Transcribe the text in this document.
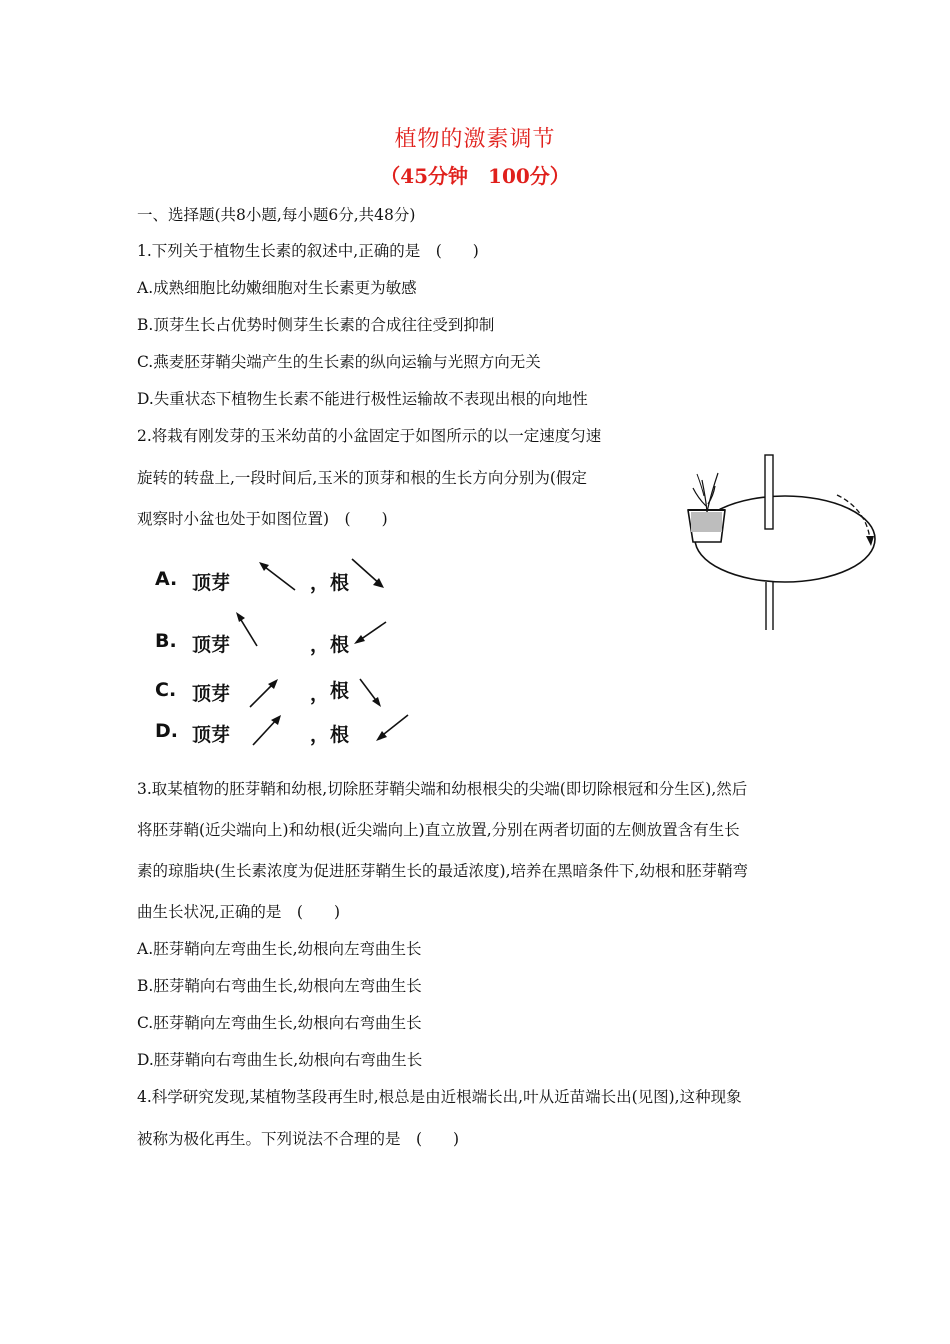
植物的激素调节
（45分钟　100分）
一、选择题(共8小题,每小题6分,共48分)
1.下列关于植物生长素的叙述中,正确的是　(　　)
A.成熟细胞比幼嫩细胞对生长素更为敏感
B.顶芽生长占优势时侧芽生长素的合成往往受到抑制
C.燕麦胚芽鞘尖端产生的生长素的纵向运输与光照方向无关
D.失重状态下植物生长素不能进行极性运输故不表现出根的向地性
2.将栽有刚发芽的玉米幼苗的小盆固定于如图所示的以一定速度匀速
旋转的转盘上,一段时间后,玉米的顶芽和根的生长方向分别为(假定
观察时小盆也处于如图位置)　(　　)
A. 顶芽	， 根
B. 顶芽	， 根
C. 顶芽	， 根
D. 顶芽	， 根
3.取某植物的胚芽鞘和幼根,切除胚芽鞘尖端和幼根根尖的尖端(即切除根冠和分生区),然后
将胚芽鞘(近尖端向上)和幼根(近尖端向上)直立放置,分别在两者切面的左侧放置含有生长
素的琼脂块(生长素浓度为促进胚芽鞘生长的最适浓度),培养在黑暗条件下,幼根和胚芽鞘弯
曲生长状况,正确的是　(　　)
A.胚芽鞘向左弯曲生长,幼根向左弯曲生长
B.胚芽鞘向右弯曲生长,幼根向左弯曲生长
C.胚芽鞘向左弯曲生长,幼根向右弯曲生长
D.胚芽鞘向右弯曲生长,幼根向右弯曲生长
4.科学研究发现,某植物茎段再生时,根总是由近根端长出,叶从近苗端长出(见图),这种现象
被称为极化再生。下列说法不合理的是　(　　)
